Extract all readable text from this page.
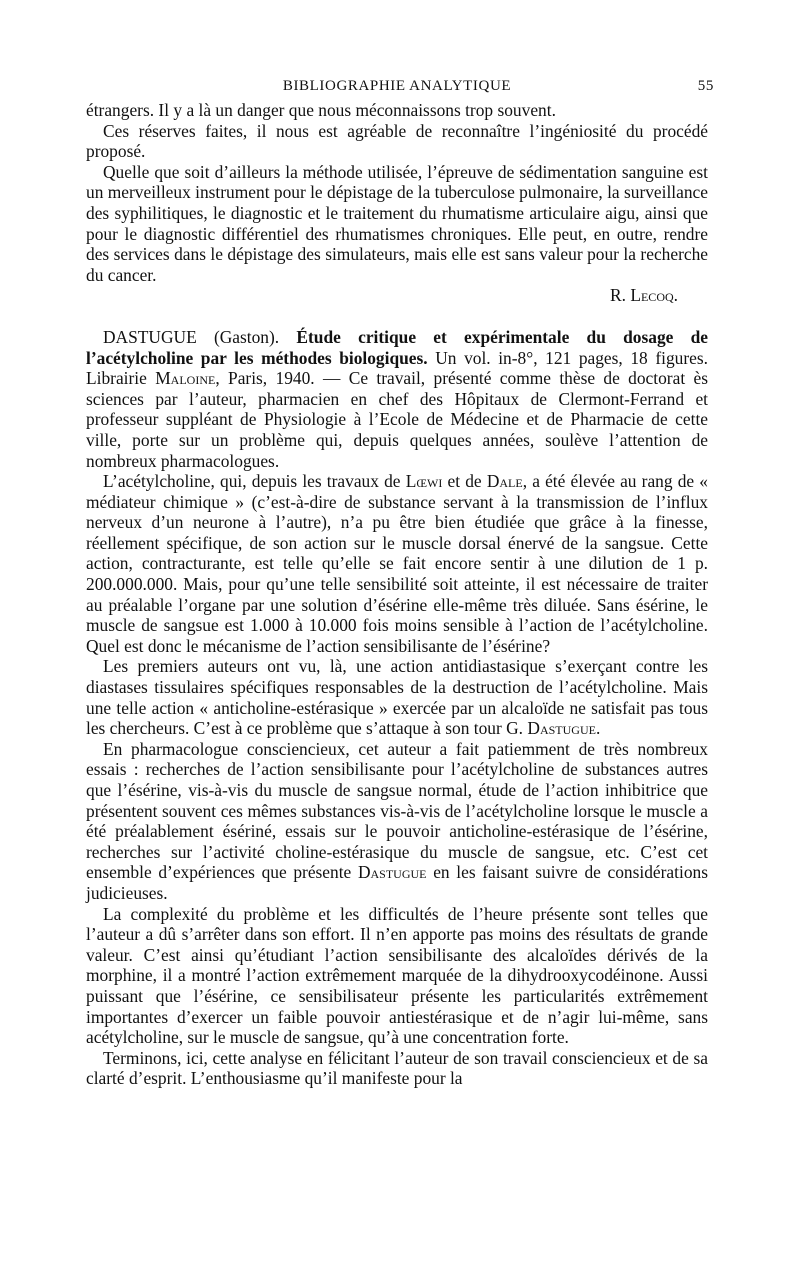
BIBLIOGRAPHIE ANALYTIQUE	55

étrangers. Il y a là un danger que nous méconnaissons trop souvent.

Ces réserves faites, il nous est agréable de reconnaître l’ingéniosité du procédé proposé.

Quelle que soit d’ailleurs la méthode utilisée, l’épreuve de sédimentation sanguine est un merveilleux instrument pour le dépistage de la tuberculose pulmonaire, la surveillance des syphilitiques, le diagnostic et le traitement du rhumatisme articulaire aigu, ainsi que pour le diagnostic différentiel des rhumatismes chroniques. Elle peut, en outre, rendre des services dans le dépistage des simulateurs, mais elle est sans valeur pour la recherche du cancer.

R. Lecoq.

DASTUGUE (Gaston). Étude critique et expérimentale du dosage de l’acétylcholine par les méthodes biologiques. Un vol. in-8°, 121 pages, 18 figures. Librairie Maloine, Paris, 1940. — Ce travail, présenté comme thèse de doctorat ès sciences par l’auteur, pharmacien en chef des Hôpitaux de Clermont-Ferrand et professeur suppléant de Physiologie à l’Ecole de Médecine et de Pharmacie de cette ville, porte sur un problème qui, depuis quelques années, soulève l’attention de nombreux pharmacologues.

L’acétylcholine, qui, depuis les travaux de Lœwi et de Dale, a été élevée au rang de « médiateur chimique » (c’est-à-dire de substance servant à la transmission de l’influx nerveux d’un neurone à l’autre), n’a pu être bien étudiée que grâce à la finesse, réellement spécifique, de son action sur le muscle dorsal énervé de la sangsue. Cette action, contracturante, est telle qu’elle se fait encore sentir à une dilution de 1 p. 200.000.000. Mais, pour qu’une telle sensibilité soit atteinte, il est nécessaire de traiter au préalable l’organe par une solution d’ésérine elle-même très diluée. Sans ésérine, le muscle de sangsue est 1.000 à 10.000 fois moins sensible à l’action de l’acétylcholine. Quel est donc le mécanisme de l’action sensibilisante de l’ésérine?

Les premiers auteurs ont vu, là, une action antidiastasique s’exerçant contre les diastases tissulaires spécifiques responsables de la destruction de l’acétylcholine. Mais une telle action « anticholine-estérasique » exercée par un alcaloïde ne satisfait pas tous les chercheurs. C’est à ce problème que s’attaque à son tour G. Dastugue.

En pharmacologue consciencieux, cet auteur a fait patiemment de très nombreux essais : recherches de l’action sensibilisante pour l’acétylcholine de substances autres que l’ésérine, vis-à-vis du muscle de sangsue normal, étude de l’action inhibitrice que présentent souvent ces mêmes substances vis-à-vis de l’acétylcholine lorsque le muscle a été préalablement ésériné, essais sur le pouvoir anticholine-estérasique de l’ésérine, recherches sur l’activité choline-estérasique du muscle de sangsue, etc. C’est cet ensemble d’expériences que présente Dastugue en les faisant suivre de considérations judicieuses.

La complexité du problème et les difficultés de l’heure présente sont telles que l’auteur a dû s’arrêter dans son effort. Il n’en apporte pas moins des résultats de grande valeur. C’est ainsi qu’étudiant l’action sensibilisante des alcaloïdes dérivés de la morphine, il a montré l’action extrêmement marquée de la dihydrooxycodéinone. Aussi puissant que l’ésérine, ce sensibilisateur présente les particularités extrêmement importantes d’exercer un faible pouvoir antiestérasique et de n’agir lui-même, sans acétylcholine, sur le muscle de sangsue, qu’à une concentration forte.

Terminons, ici, cette analyse en félicitant l’auteur de son travail consciencieux et de sa clarté d’esprit. L’enthousiasme qu’il manifeste pour la
